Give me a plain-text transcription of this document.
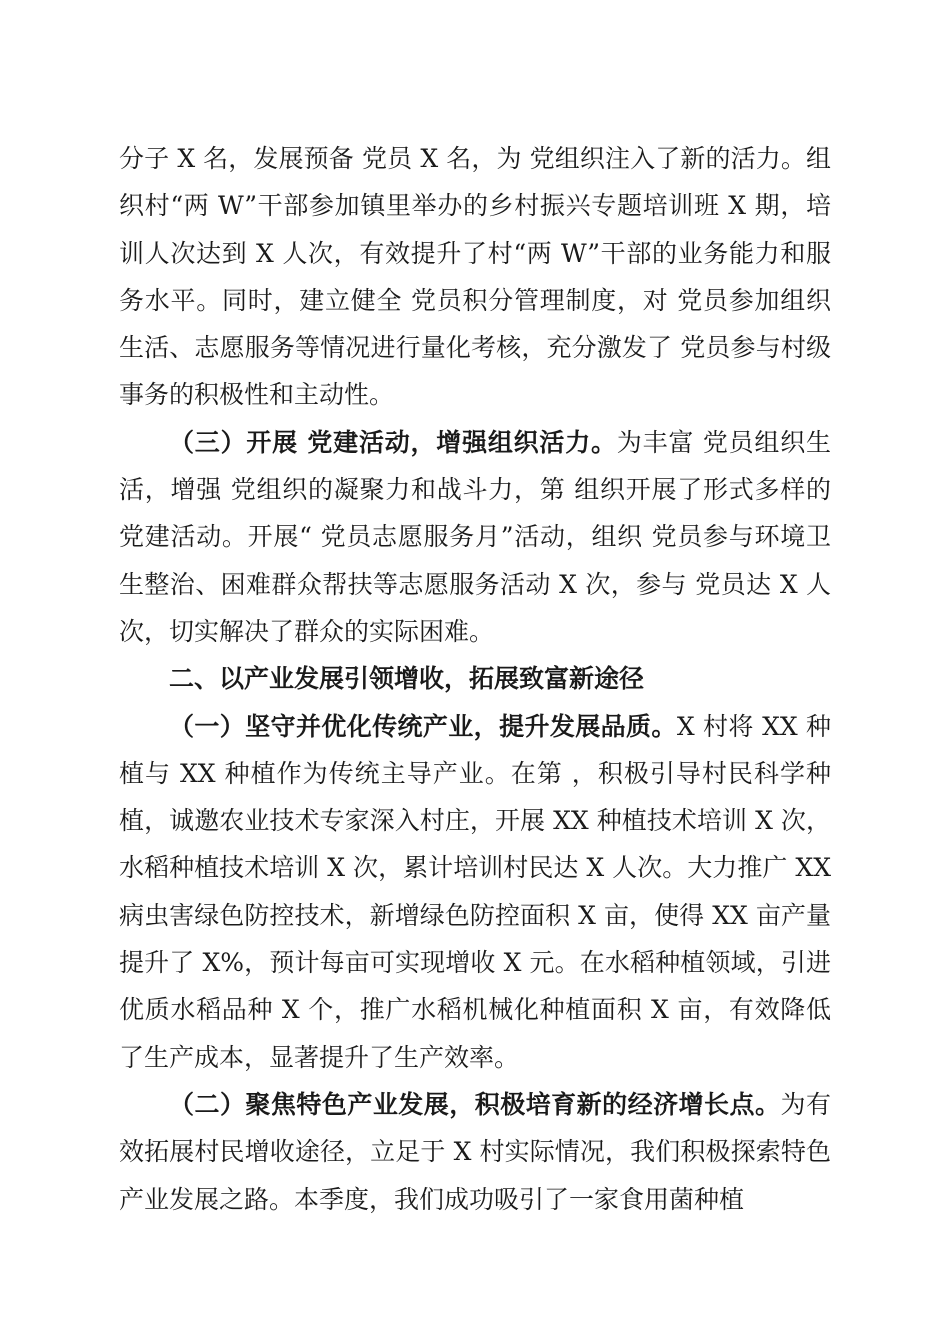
分子 X 名，发展预备 党员 X 名，为 党组织注入了新的活力。组织村“两 W”干部参加镇里举办的乡村振兴专题培训班 X 期，培训人次达到 X 人次，有效提升了村“两 W”干部的业务能力和服务水平。同时，建立健全 党员积分管理制度，对 党员参加组织生活、志愿服务等情况进行量化考核，充分激发了 党员参与村级事务的积极性和主动性。

（三）开展 党建活动，增强组织活力。为丰富 党员组织生活，增强 党组织的凝聚力和战斗力，第 组织开展了形式多样的党建活动。开展“ 党员志愿服务月”活动，组织 党员参与环境卫生整治、困难群众帮扶等志愿服务活动 X 次，参与 党员达 X 人次，切实解决了群众的实际困难。

二、以产业发展引领增收，拓展致富新途径

（一）坚守并优化传统产业，提升发展品质。X 村将 XX 种植与 XX 种植作为传统主导产业。在第 ，积极引导村民科学种植，诚邀农业技术专家深入村庄，开展 XX 种植技术培训 X 次，水稻种植技术培训 X 次，累计培训村民达 X 人次。大力推广 XX 病虫害绿色防控技术，新增绿色防控面积 X 亩，使得 XX 亩产量提升了 X%，预计每亩可实现增收 X 元。在水稻种植领域，引进优质水稻品种 X 个，推广水稻机械化种植面积 X 亩，有效降低了生产成本，显著提升了生产效率。

（二）聚焦特色产业发展，积极培育新的经济增长点。为有效拓展村民增收途径，立足于 X 村实际情况，我们积极探索特色产业发展之路。本季度，我们成功吸引了一家食用菌种植
